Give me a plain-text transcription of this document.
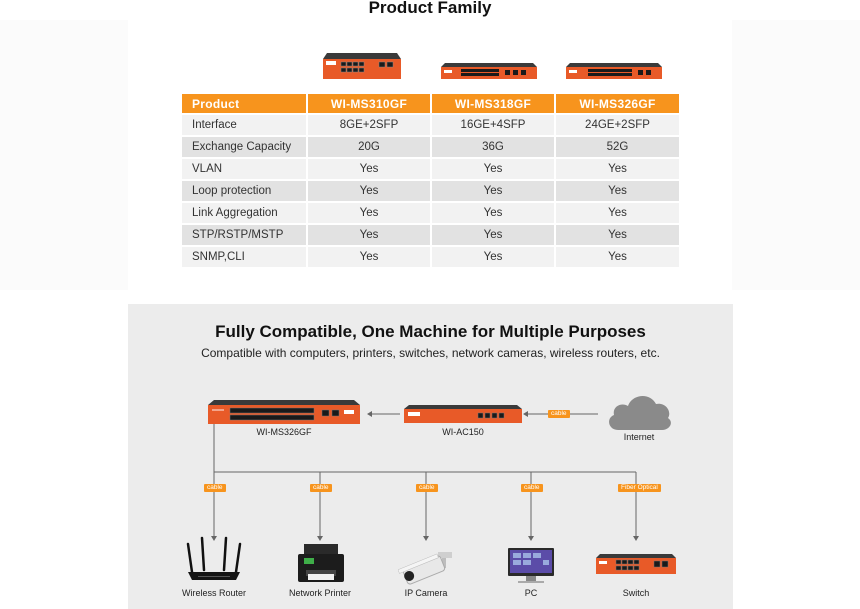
Product Family
Product	WI-MS310GF	WI-MS318GF	WI-MS326GF
Interface	8GE+2SFP	16GE+4SFP	24GE+2SFP
Exchange Capacity	20G	36G	52G
VLAN	Yes	Yes	Yes
Loop protection	Yes	Yes	Yes
Link Aggregation	Yes	Yes	Yes
STP/RSTP/MSTP	Yes	Yes	Yes
SNMP,CLI	Yes	Yes	Yes
Fully Compatible, One Machine for Multiple Purposes
Compatible with computers, printers, switches, network cameras, wireless routers, etc.
WI-MS326GF	WI-AC150
cable
Internet
cable	cable	cable	cable	Fiber Optical
Wireless Router	Network Printer	IP Camera	PC	Switch
